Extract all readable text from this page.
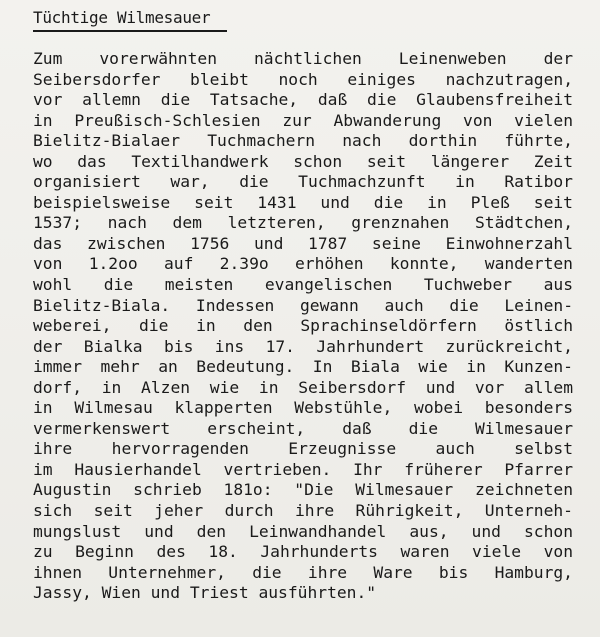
Tüchtige Wilmesauer
Zum vorerwähnten nächtlichen Leinenweben der
Seibersdorfer bleibt noch einiges nachzutragen,
vor allemn die Tatsache, daß die Glaubensfreiheit
in Preußisch-Schlesien zur Abwanderung von vielen
Bielitz-Bialaer Tuchmachern nach dorthin führte,
wo das Textilhandwerk schon seit längerer Zeit
organisiert war, die Tuchmachzunft in Ratibor
beispielsweise seit 1431 und die in Pleß seit
1537; nach dem letzteren, grenznahen Städtchen,
das zwischen 1756 und 1787 seine Einwohnerzahl
von 1.2oo auf 2.39o erhöhen konnte, wanderten
wohl die meisten evangelischen Tuchweber aus
Bielitz-Biala. Indessen gewann auch die Leinen-
weberei, die in den Sprachinseldörfern östlich
der Bialka bis ins 17. Jahrhundert zurückreicht,
immer mehr an Bedeutung. In Biala wie in Kunzen-
dorf, in Alzen wie in Seibersdorf und vor allem
in Wilmesau klapperten Webstühle, wobei besonders
vermerkenswert erscheint, daß die Wilmesauer
ihre hervorragenden Erzeugnisse auch selbst
im Hausierhandel vertrieben. Ihr früherer Pfarrer
Augustin schrieb 181o: "Die Wilmesauer zeichneten
sich seit jeher durch ihre Rührigkeit, Unterneh-
mungslust und den Leinwandhandel aus, und schon
zu Beginn des 18. Jahrhunderts waren viele von
ihnen Unternehmer, die ihre Ware bis Hamburg,
Jassy, Wien und Triest ausführten."
